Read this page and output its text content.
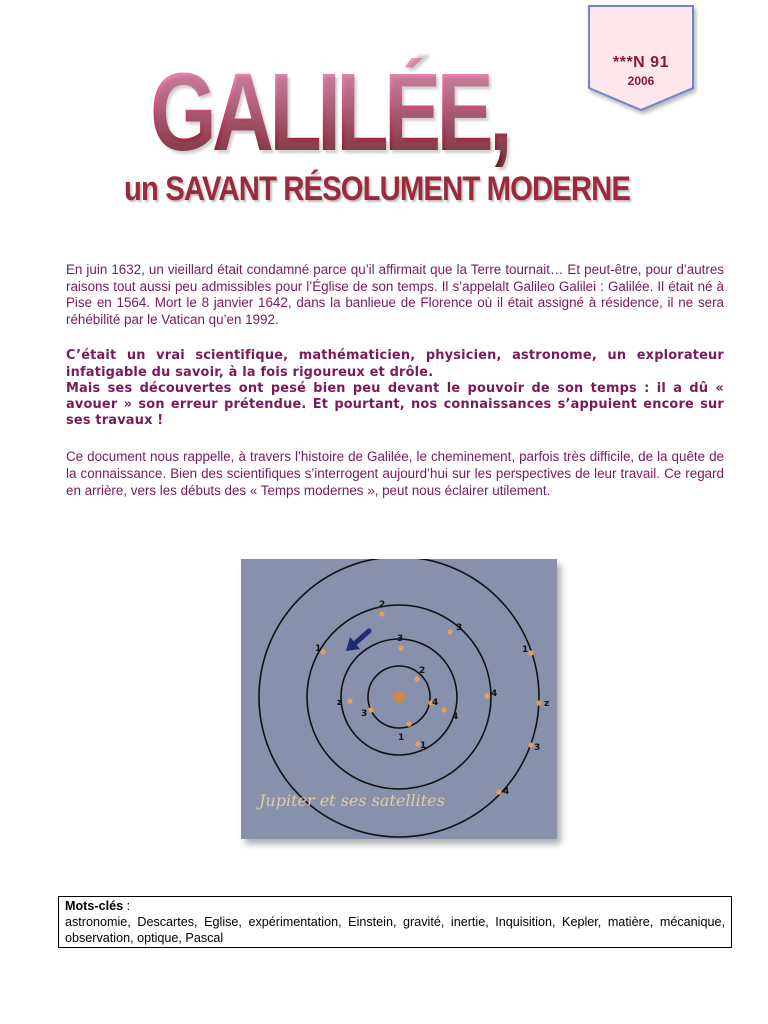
***N 91
2006
GALILÉE,
un SAVANT RÉSOLUMENT MODERNE

En juin 1632, un vieillard était condamné parce qu’il affirmait que la Terre tournait… Et peut-être, pour d’autres raisons tout aussi peu admissibles pour l’Église de son temps. Il s’appelalt Galileo Galilei : Galilée. Il était né à Pise en 1564. Mort le 8 janvier 1642, dans la banlieue de Florence où il était assigné à résidence, il ne sera réhébilité par le Vatican qu’en 1992.

C’était un vrai scientifique, mathématicien, physicien, astronome, un explorateur infatigable du savoir, à la fois rigoureux et drôle.

Mais ses découvertes ont pesé bien peu devant le pouvoir de son temps : il a dû « avouer » son erreur prétendue. Et pourtant, nos connaissances s’appuient encore sur ses travaux !

Ce document nous rappelle, à travers l’histoire de Galilée, le cheminement, parfois très difficile, de la quête de la connaissance. Bien des scientifiques s’interrogent aujourd’hui sur les perspectives de leur travail. Ce regard en arrière, vers les débuts des « Temps modernes », peut nous éclairer utilement.

2
3
1
3
2
z
3
4
4
1
1
4
1
z
3
4
Jupiter et ses satellites
Mots-clés :
astronomie, Descartes, Eglise, expérimentation, Einstein, gravité, inertie, Inquisition, Kepler, matière, mécanique, observation, optique, Pascal
